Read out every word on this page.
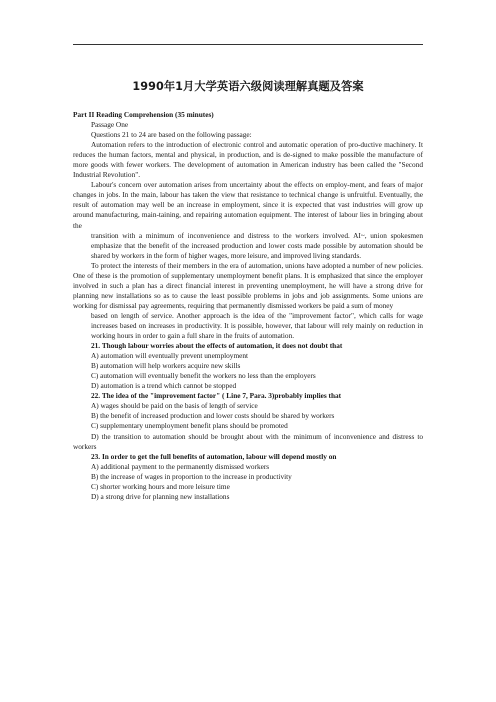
1990年1月大学英语六级阅读理解真题及答案

Part II Reading Comprehension (35 minutes)

Passage One

Questions 21 to 24 are based on the following passage:

Automation refers to the introduction of electronic control and automatic operation of pro-ductive machinery. It reduces the human factors, mental and physical, in production, and is de-signed to make possible the manufacture of more goods with fewer workers. The development of automation in American industry has been called the "Second Industrial Revolution".

Labour's concern over automation arises from uncertainty about the effects on employ-ment, and fears of major changes in jobs. In the main, labour has taken the view that resistance to technical change is unfruitful. Eventually, the result of automation may well be an increase in employment, since it is expected that vast industries will grow up around manufacturing, main-taining, and repairing automation equipment. The interest of labour lies in bringing about the

transition with a minimum of inconvenience and distress to the workers involved. AI~, union spokesmen emphasize that the benefit of the increased production and lower costs made possible by automation should be shared by workers in the form of higher wages, more leisure, and improved living standards.

To protect the interests of their members in the era of automation, unions have adopted a number of new policies. One of these is the promotion of supplementary unemployment benefit plans. It is emphasized that since the employer involved in such a plan has a direct financial interest in preventing unemployment, he will have a strong drive for planning new installations so as to cause the least possible problems in jobs and job assignments. Some unions are working for dismissal pay agreements, requiring that permanently dismissed workers be paid a sum of money

based on length of service. Another approach is the idea of the "improvement factor", which calls for wage increases based on increases in productivity. It is possible, however, that labour will rely mainly on reduction in working hours in order to gain a full share in the fruits of automation.

21. Though labour worries about the effects of automation, it does not doubt that

A) automation will eventually prevent unemployment

B) automation will help workers acquire new skills

C) automation will eventually benefit the workers no less than the employers

D) automation is a trend which cannot be stopped

22. The idea of the "improvement factor" ( Line 7, Para. 3)probably implies that

A) wages should be paid on the basis of length of service

B) the benefit of increased production and lower costs should be shared by workers

C) supplementary unemployment benefit plans should be promoted

D) the transition to automation should be brought about with the minimum of inconvenience and distress to workers

23. In order to get the full benefits of automation, labour will depend mostly on

A) additional payment to the permanently dismissed workers

B) the increase of wages in proportion to the increase in productivity

C) shorter working hours and more leisure time

D) a strong drive for planning new installations
